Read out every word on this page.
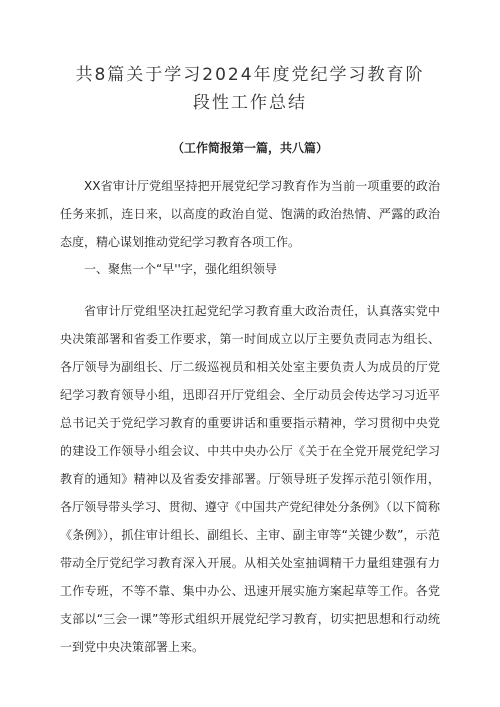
共8篇关于学习2024年度党纪学习教育阶
段性工作总结
（工作简报第一篇，共八篇）
XX省审计厅党组坚持把开展党纪学习教育作为当前一项重要的政治任务来抓，连日来，以高度的政治自觉、饱满的政治热情、严露的政治态度，精心谋划推动党纪学习教育各项工作。
一、聚焦一个“早''字，强化组织领导
省审计厅党组坚决扛起党纪学习教育重大政治责任，认真落实党中央决策部署和省委工作要求，第一时间成立以厅主要负责同志为组长、各厅领导为副组长、厅二级巡视员和相关处室主要负责人为成员的厅党纪学习教育领导小组，迅即召开厅党组会、全厅动员会传达学习习近平总书记关于党纪学习教育的重要讲话和重要指示精神，学习贯彻中央党的建设工作领导小组会议、中共中央办公厅《关于在全党开展党纪学习教育的通知》精神以及省委安排部署。厅领导班子发挥示范引领作用，各厅领导带头学习、贯彻、遵守《中国共产党纪律处分条例》（以下简称《条例》），抓住审计组长、副组长、主审、副主审等“关键少数”，示范带动全厅党纪学习教育深入开展。从相关处室抽调精干力量组建强有力工作专班，不等不靠、集中办公、迅速开展实施方案起草等工作。各党支部以“三会一课”等形式组织开展党纪学习教育，切实把思想和行动统一到党中央决策部署上来。
